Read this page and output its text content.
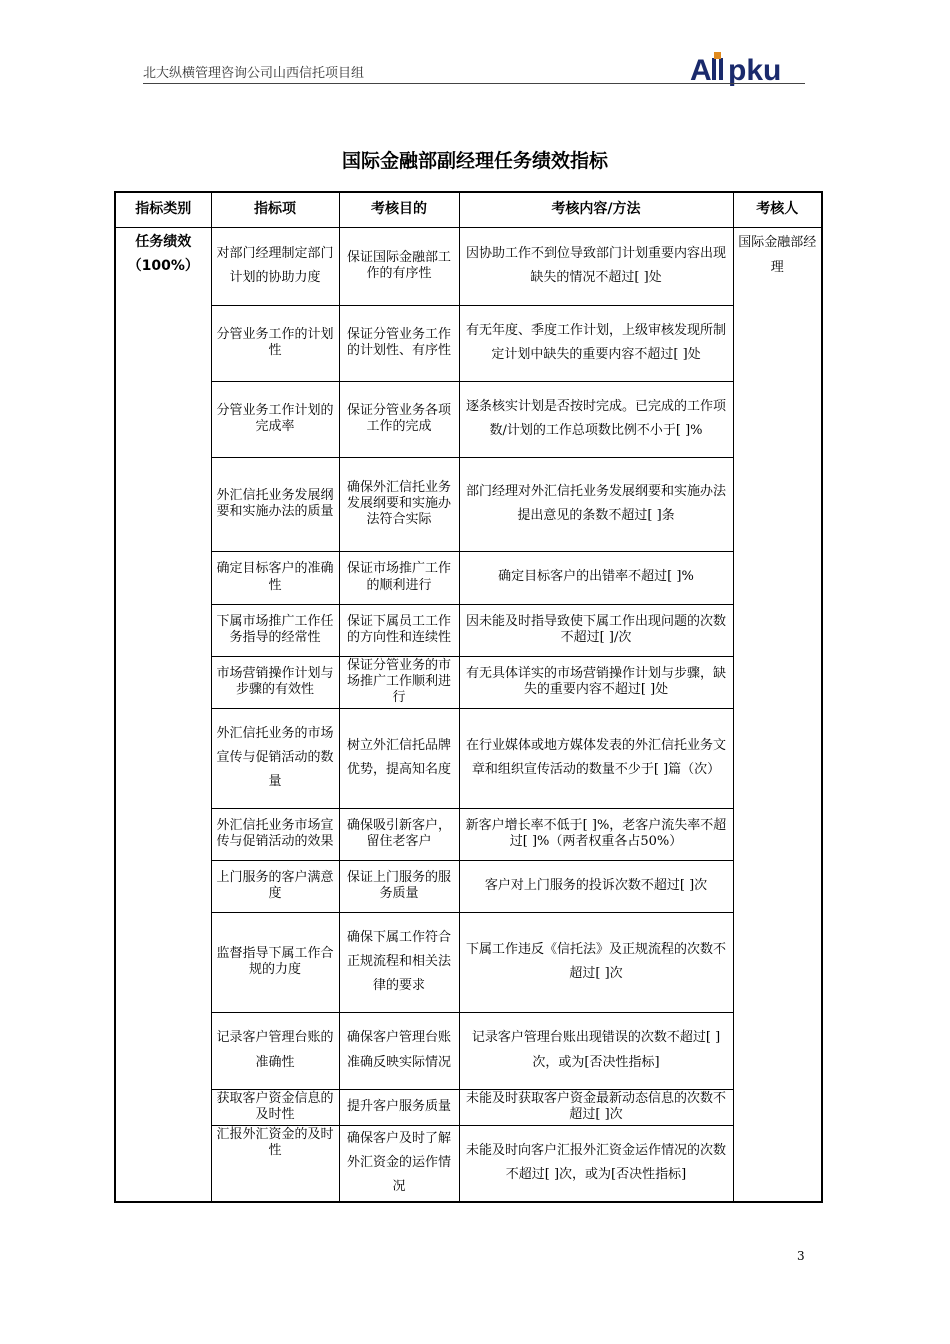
北大纵横管理咨询公司山西信托项目组	A pku
国际金融部副经理任务绩效指标
指标类别	指标项	考核目的	考核内容/方法	考核人

任务绩效
（100%）	对部门经理制定部门计划的协助力度	保证国际金融部工作的有序性	因协助工作不到位导致部门计划重要内容出现缺失的情况不超过[ ]处	国际金融部经理
	分管业务工作的计划性	保证分管业务工作的计划性、有序性	有无年度、季度工作计划，上级审核发现所制定计划中缺失的重要内容不超过[ ]处	
	分管业务工作计划的完成率	保证分管业务各项工作的完成	逐条核实计划是否按时完成。已完成的工作项数/计划的工作总项数比例不小于[ ]%	
	外汇信托业务发展纲要和实施办法的质量	确保外汇信托业务发展纲要和实施办法符合实际	部门经理对外汇信托业务发展纲要和实施办法提出意见的条数不超过[ ]条	
	确定目标客户的准确性	保证市场推广工作的顺利进行	确定目标客户的出错率不超过[ ]%	
	下属市场推广工作任务指导的经常性	保证下属员工工作的方向性和连续性	因未能及时指导致使下属工作出现问题的次数不超过[ ]/次	
	市场营销操作计划与步骤的有效性	保证分管业务的市场推广工作顺利进行	有无具体详实的市场营销操作计划与步骤，缺失的重要内容不超过[ ]处	
	外汇信托业务的市场宣传与促销活动的数量	树立外汇信托品牌优势，提高知名度	在行业媒体或地方媒体发表的外汇信托业务文章和组织宣传活动的数量不少于[ ]篇（次）	
	外汇信托业务市场宣传与促销活动的效果	确保吸引新客户，留住老客户	新客户增长率不低于[ ]%，老客户流失率不超过[ ]%（两者权重各占50%）	
	上门服务的客户满意度	保证上门服务的服务质量	客户对上门服务的投诉次数不超过[ ]次	
	监督指导下属工作合规的力度	确保下属工作符合正规流程和相关法律的要求	下属工作违反《信托法》及正规流程的次数不超过[ ]次	
	记录客户管理台账的准确性	确保客户管理台账准确反映实际情况	记录客户管理台账出现错误的次数不超过[ ]次，或为[否决性指标]	
	获取客户资金信息的及时性	提升客户服务质量	未能及时获取客户资金最新动态信息的次数不超过[ ]次	
	汇报外汇资金的及时性	确保客户及时了解外汇资金的运作情况	未能及时向客户汇报外汇资金运作情况的次数不超过[ ]次，或为[否决性指标]	
3
